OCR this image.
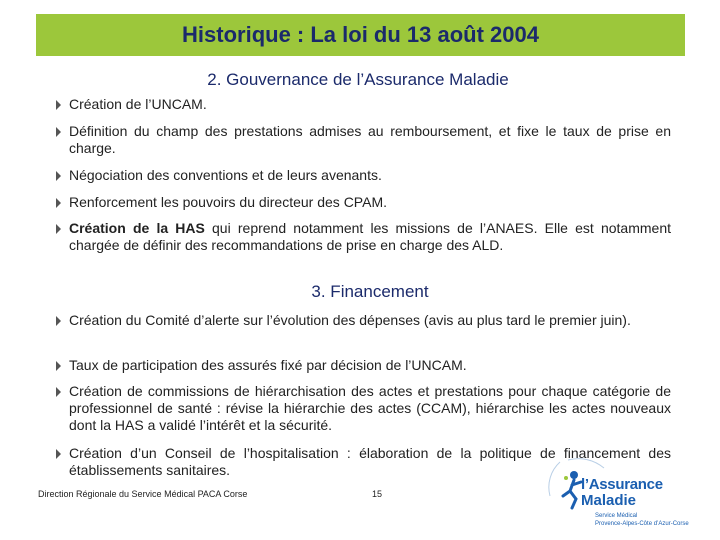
Historique : La loi du 13 août 2004
2. Gouvernance de l’Assurance Maladie
Création de l’UNCAM.
Définition du champ des prestations admises au remboursement, et fixe le taux de prise en charge.
Négociation des conventions et de leurs avenants.
Renforcement les pouvoirs du directeur des CPAM.
Création de la HAS qui reprend notamment les missions de l’ANAES. Elle est notamment chargée de définir des recommandations de prise en charge des ALD.
3. Financement
Création du Comité d’alerte sur l’évolution des dépenses (avis au plus tard le premier juin).
Taux de participation des assurés fixé par décision de l’UNCAM.
Création de commissions de hiérarchisation des actes et prestations pour chaque catégorie de professionnel de santé : révise la hiérarchie des actes (CCAM), hiérarchise les actes nouveaux dont la HAS a validé l’intérêt et la sécurité.
Création d’un Conseil de l’hospitalisation : élaboration de la politique de financement des établissements sanitaires.
Direction Régionale du Service Médical PACA Corse	15
l’Assurance
Maladie
Service Médical
Provence-Alpes-Côte d’Azur-Corse
